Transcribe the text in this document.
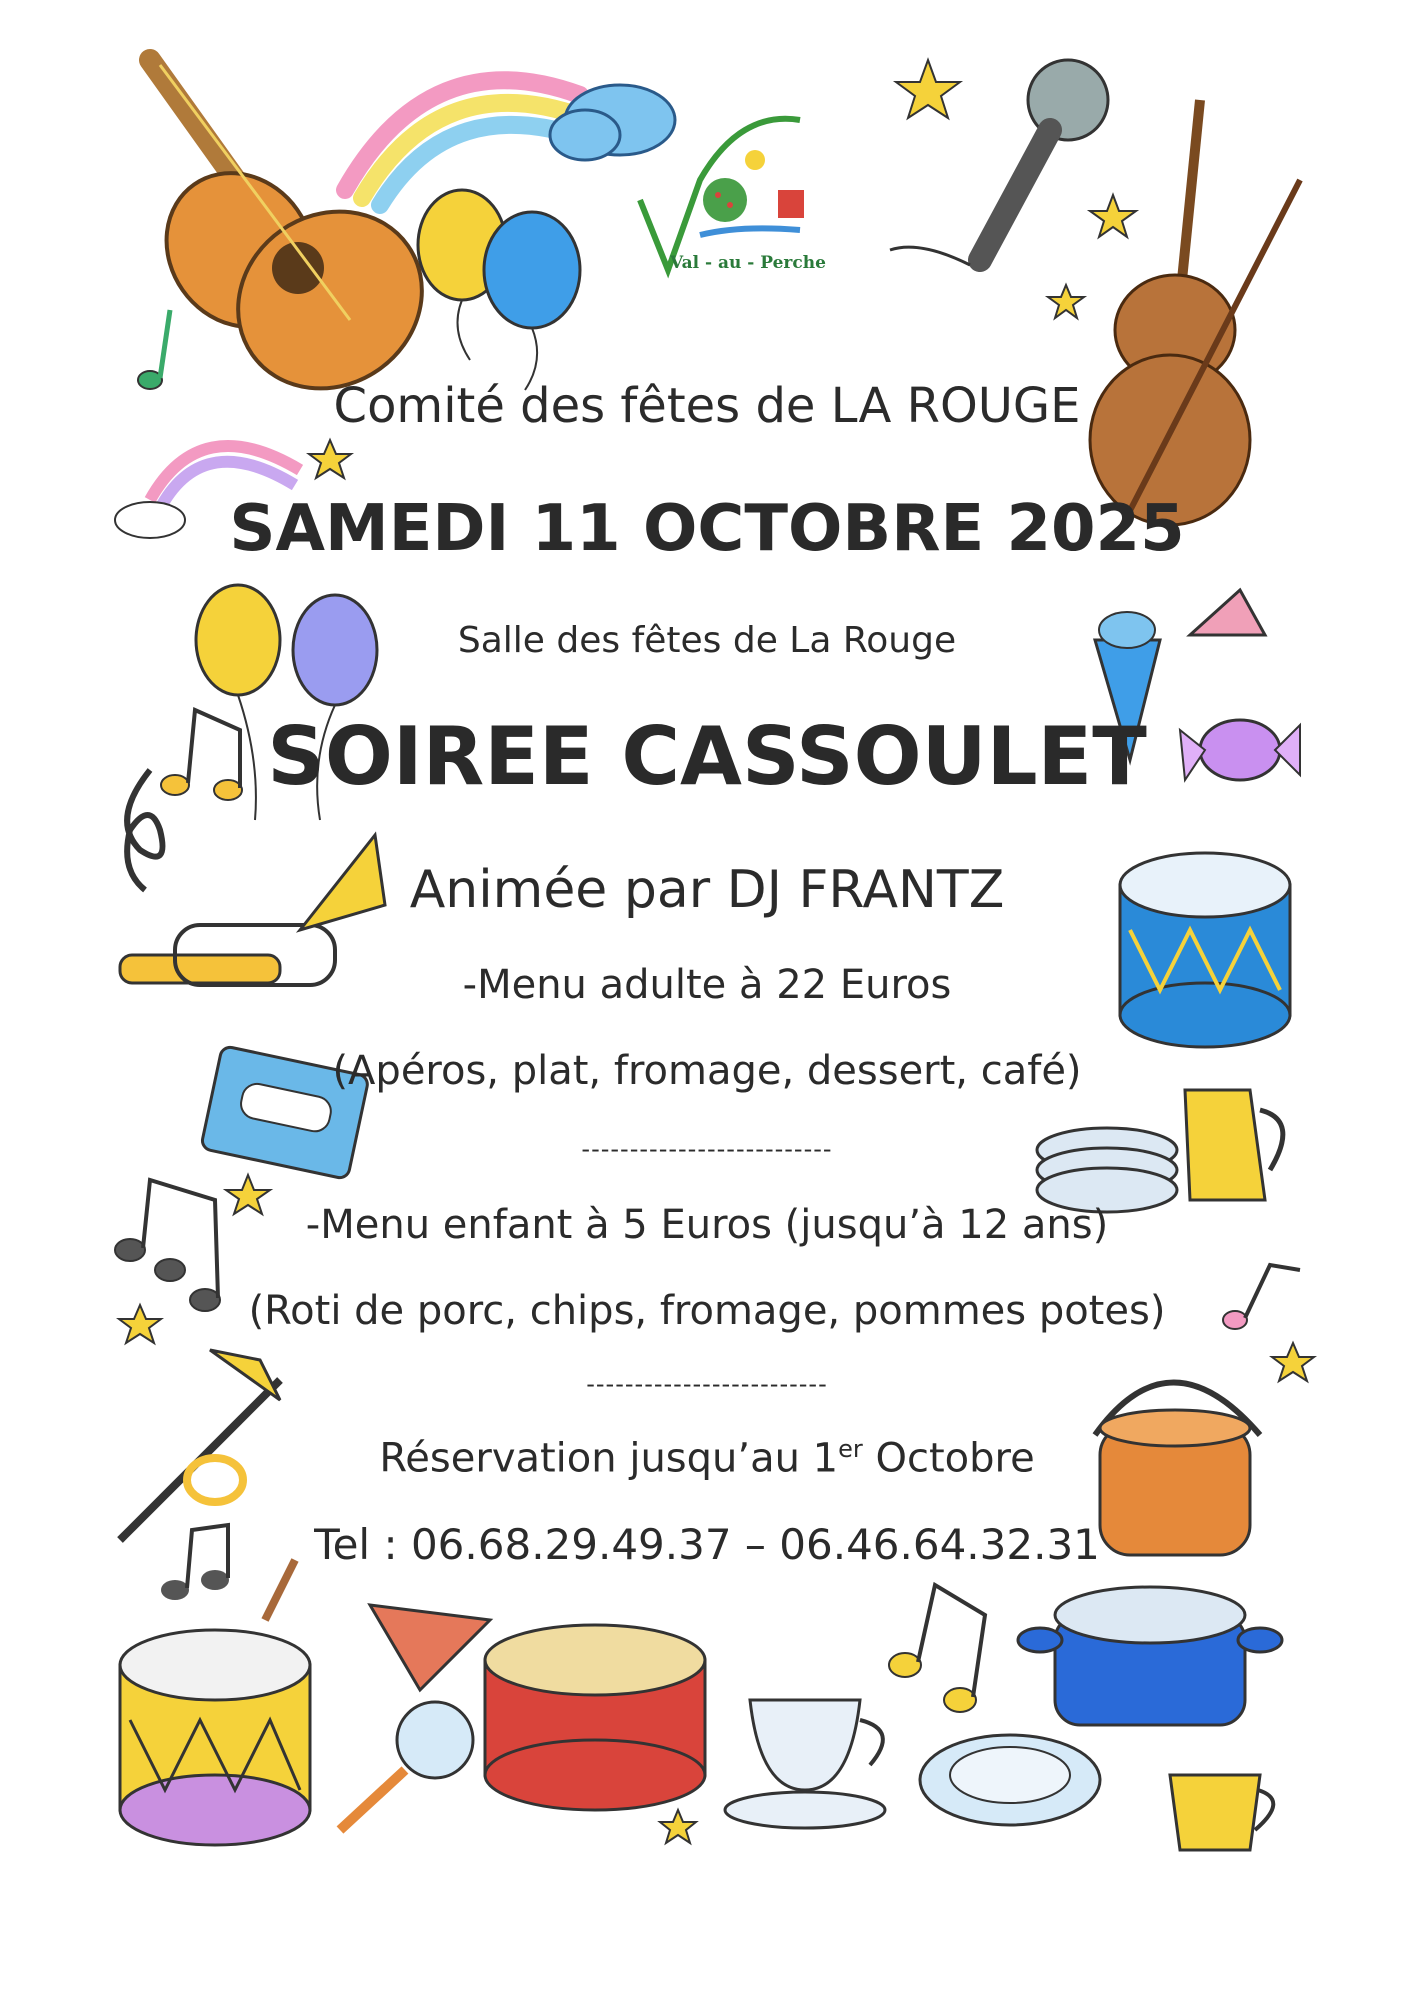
Val - au - Perche

Comité des fêtes de LA ROUGE

SAMEDI 11 OCTOBRE 2025

Salle des fêtes de La Rouge

SOIREE CASSOULET

Animée par DJ FRANTZ

-Menu adulte à 22 Euros

(Apéros, plat, fromage, dessert, café)

--------------------------

-Menu enfant à 5 Euros (jusqu’à 12 ans)

(Roti de porc, chips, fromage, pommes potes)

-------------------------

Réservation jusqu’au 1er Octobre

Tel : 06.68.29.49.37 – 06.46.64.32.31
